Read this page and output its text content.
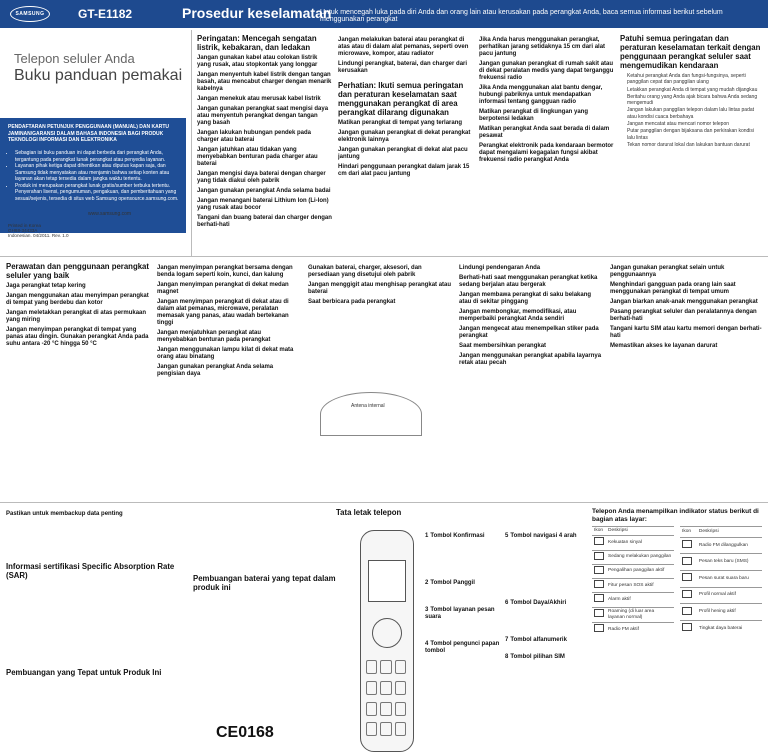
SAMSUNG	GT-E1182	Prosedur keselamatan
Untuk mencegah luka pada diri Anda dan orang lain atau kerusakan pada perangkat Anda, baca semua informasi berikut sebelum menggunakan perangkat
Telepon seluler Anda
Buku panduan pemakai
PENDAFTARAN PETUNJUK PENGGUNAAN (MANUAL) DAN KARTU JAMINAN/GARANSI DALAM BAHASA INDONESIA BAGI PRODUK TEKNOLOGI INFORMASI DAN ELEKTRONIKA
• Sebagian isi buku panduan ini dapat berbeda dari perangkat Anda, tergantung pada perangkat lunak perangkat atau penyedia layanan.
• Layanan pihak ketiga dapat dihentikan atau diputus kapan saja, dan Samsung tidak menyatakan atau menjamin bahwa setiap konten atau layanan akan tetap tersedia dalam jangka waktu tertentu.
• Produk ini merupakan perangkat lunak gratis/sumber terbuka tertentu. Penyerahan lisensi, pengumuman, pengakuan, dan pemberitahuan yang sesuai/sejenis, tersedia di situs web Samsung opensource.samsung.com.
www.samsung.com
Printed in Korea
GH68-34433A
Indonesian. 04/2011. Rev. 1.0
Peringatan: Mencegah sengatan listrik, kebakaran, dan ledakan
Jangan gunakan kabel atau colokan listrik yang rusak, atau stopkontak yang longgar
Jangan menyentuh kabel listrik dengan tangan basah, atau mencabut charger dengan menarik kabelnya
Jangan menekuk atau merusak kabel listrik
Jangan gunakan perangkat saat mengisi daya atau menyentuh perangkat dengan tangan yang basah
Jangan lakukan hubungan pendek pada charger atau baterai
Jangan jatuhkan atau tidakan yang menyebabkan benturan pada charger atau baterai
Jangan mengisi daya baterai dengan charger yang tidak diakui oleh pabrik
Jangan gunakan perangkat Anda selama badai
Jangan menangani baterai Lithium Ion (Li-Ion) yang rusak atau bocor
Tangani dan buang baterai dan charger dengan berhati-hati
Jangan melakukan baterai atau perangkat di atas atau di dalam alat pemanas, seperti oven microwave, kompor, atau radiator
Lindungi perangkat, baterai, dan charger dari kerusakan
Perhatian: Ikuti semua peringatan dan peraturan keselamatan saat menggunakan perangkat di area perangkat dilarang digunakan
Matikan perangkat di tempat yang terlarang
Jangan gunakan perangkat di dekat perangkat elektronik lainnya
Jangan gunakan perangkat di dekat alat pacu jantung
Hindari penggunaan perangkat dalam jarak 15 cm dari alat pacu jantung
Jika Anda harus menggunakan perangkat, perhatikan jarang setidaknya 15 cm dari alat pacu jantung
Jangan gunakan perangkat di rumah sakit atau di dekat peralatan medis yang dapat terganggu frekuensi radio
Jika Anda menggunakan alat bantu dengar, hubungi pabriknya untuk mendapatkan informasi tentang gangguan radio
Matikan perangkat di lingkungan yang berpotensi ledakan
Matikan perangkat Anda saat berada di dalam pesawat
Perangkat elektronik pada kendaraan bermotor dapat mengalami kegagalan fungsi akibat frekuensi radio perangkat Anda
Patuhi semua peringatan dan peraturan keselamatan terkait dengan penggunaan perangkat seluler saat mengemudikan kendaraan
• Ketahui perangkat Anda dan fungsi-fungsinya, seperti panggilan cepat dan panggilan ulang
• Letakkan perangkat Anda di tempat yang mudah dijangkau
• Beritahu orang yang Anda ajak bicara bahwa Anda sedang mengemudi
• Jangan lakukan panggilan telepon dalam lalu lintas padat atau kondisi cuaca berbahaya
• Jangan mencatat atau mencari nomor telepon
• Putar panggilan dengan bijaksana dan perkirakan kondisi lalu lintas
• Tekan nomor darurat lokal dan lakukan bantuan darurat
Perawatan dan penggunaan perangkat seluler yang baik
Jaga perangkat tetap kering
Jangan menggunakan atau menyimpan perangkat di tempat yang berdebu dan kotor
Jangan meletakkan perangkat di atas permukaan yang miring
Jangan menyimpan perangkat di tempat yang panas atau dingin. Gunakan perangkat Anda pada suhu antara -20 °C hingga 50 °C
Jangan menyimpan perangkat bersama dengan benda logam seperti koin, kunci, dan kalung
Jangan menyimpan perangkat di dekat medan magnet
Jangan menyimpan perangkat di dekat atau di dalam alat pemanas, microwave, peralatan memasak yang panas, atau wadah bertekanan tinggi
Jangan menjatuhkan perangkat atau menyebabkan benturan pada perangkat
Jangan menggunakan lampu kilat di dekat mata orang atau binatang
Jangan gunakan perangkat Anda selama pengisian daya
Gunakan baterai, charger, aksesori, dan persediaan yang disetujui oleh pabrik
Jangan menggigit atau menghisap perangkat atau baterai
Saat berbicara pada perangkat
Antena internal
Lindungi pendengaran Anda
Berhati-hati saat menggunakan perangkat ketika sedang berjalan atau bergerak
Jangan membawa perangkat di saku belakang atau di sekitar pinggang
Jangan membongkar, memodifikasi, atau memperbaiki perangkat Anda sendiri
Jangan mengecat atau menempelkan stiker pada perangkat
Saat membersihkan perangkat
Jangan menggunakan perangkat apabila layarnya retak atau pecah
Jangan gunakan perangkat selain untuk penggunaannya
Menghindari gangguan pada orang lain saat menggunakan perangkat di tempat umum
Jangan biarkan anak-anak menggunakan perangkat
Pasang perangkat seluler dan peralatannya dengan berhati-hati
Tangani kartu SIM atau kartu memori dengan berhati-hati
Memastikan akses ke layanan darurat
Pastikan untuk membackup data penting
Informasi sertifikasi Specific Absorption Rate (SAR)
Pembuangan yang Tepat untuk Produk Ini
Pembuangan baterai yang tepat dalam produk ini
CE0168
Tata letak telepon
1 Tombol Konfirmasi
2 Tombol Panggil
3 Tombol layanan pesan suara
4 Tombol pengunci papan tombol
5 Tombol navigasi 4 arah
6 Tombol Daya/Akhiri
7 Tombol alfanumerik
8 Tombol pilihan SIM
Telepon Anda menampilkan indikator status berikut di bagian atas layar:
Ikon	Deskripsi
	Kekuatan sinyal
	Sedang melakukan panggilan
	Pengalihan panggilan aktif
	Fitur pesan SOS aktif
	Alarm aktif
	Roaming (di luar area layanan normal)
	Radio FM aktif
Ikon	Deskripsi
	Radio FM dilanggulkan
	Pesan teks baru (SMS)
	Pesan surat suara baru
	Profil normal aktif
	Profil hening aktif
	Tingkat daya baterai
